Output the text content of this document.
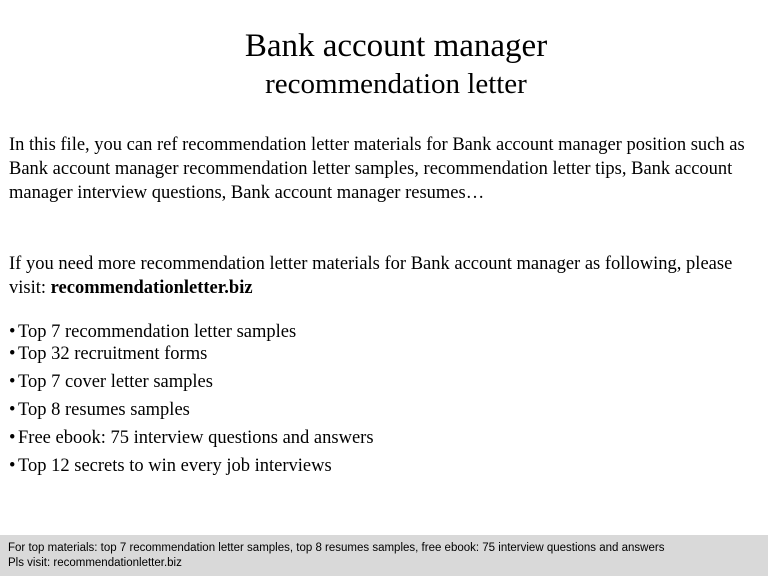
Bank account manager
recommendation letter
In this file, you can ref recommendation letter materials for Bank account manager position such as Bank account manager recommendation letter samples, recommendation letter tips, Bank account manager interview questions, Bank account manager resumes…
If you need more recommendation letter materials for Bank account manager as following, please visit: recommendationletter.biz
• Top 7 recommendation letter samples
• Top 32 recruitment forms
• Top 7 cover letter samples
• Top 8 resumes samples
• Free ebook: 75 interview questions and answers
• Top 12 secrets to win every job interviews
For top materials: top 7 recommendation letter samples, top 8 resumes samples, free ebook: 75 interview questions and answers
Pls visit: recommendationletter.biz
